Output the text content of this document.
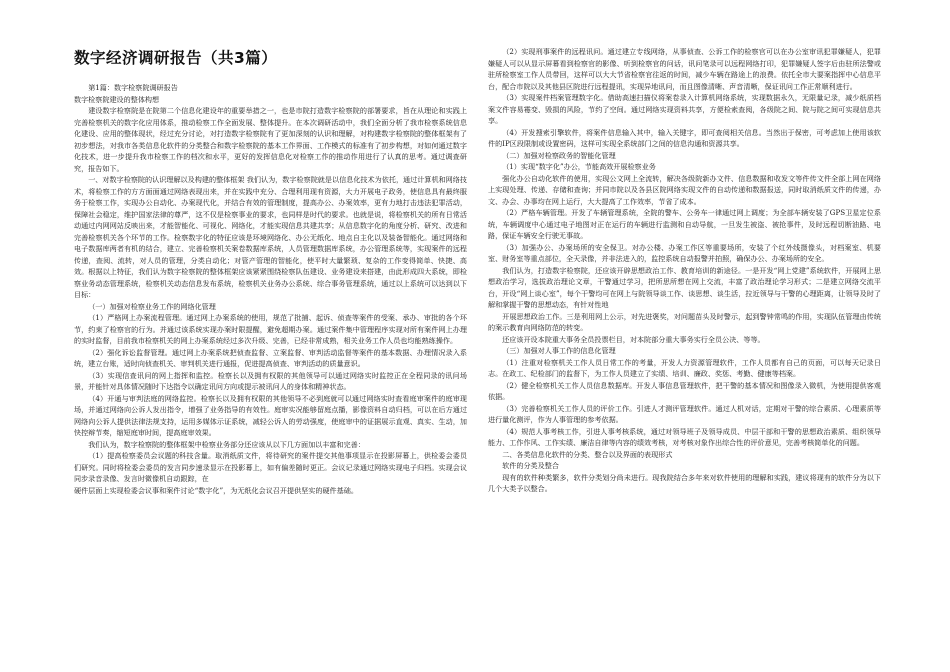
数字经济调研报告（共3篇）

第1篇：数字检察院调研报告

数字检察院建设的整体构想

建设数字检察院是在院第二个信息化建设年的重要举措之一，也是市院打造数字检察院的部署要求，旨在从理论和实践上完善检察机关的数字化应用体系，推动检察工作全面发展、整体提升。在本次调研活动中，我们全面分析了我市检察系统信息化建设、应用的整体现状，经过充分讨论，对打造数字检察院有了更加深刻的认识和理解，对构建数字检察院的整体框架有了初步想法，对我市各类信息化软件的分类整合和数字检察院的基本工作界面、工作模式的标准有了初步构想，对如何通过数字化技术，进一步提升我市检察工作的档次和水平，更好的发挥信息化对检察工作的推动作用进行了认真的思考。通过调查研究，报告如下。

一、对数字检察院的认识理解以及构建的整体框架 我们认为，数字检察院就是以信息化技术为依托，通过计算机和网络技术，将检察工作的方方面面通过网络表现出来，并在实践中充分、合理利用现有资源，大力开展电子政务，使信息具有最终服务于检察工作，实现办公自动化、办案现代化，并结合有效的管理制度，提高办公、办案效率，更有力地打击违法犯罪活动，保障社会稳定，维护国家法律的尊严，这不仅是检察事业的要求，也同样是时代的要求。也就是说，将检察机关的所有日常活动通过内网网站反映出来，才能智能化、可视化、网络化，才能实现信息共建共享；从信息数字化的角度分析、研究、改进和完善检察机关各个环节的工作。检察数字化的特征应该是环境网络化、办公无纸化、地点自主化以及装备智能化。通过网络和电子数据库两者有机的结合，建立、完善检察机关案卷数据库系统，人员管理数据库系统，办公管理系统等，实现案件的远程传递，查阅、流转，对人员的管理，分类自动化；对管产管理的智能化，使平时大量繁琐、复杂的工作变得简单、快捷、高效。根据以上特征，我们认为数字检察院的整体框架应该紧紧围绕检察队伍建设、业务建设来搭建，由此形成四大系统，即检察业务动态管理系统，检察机关动态信息发布系统，检察机关业务办公系统、综合事务管理系统，通过以上系统可以达到以下目标：

（一）加强对检察业务工作的网络化管理

（1）严格网上办案流程管理。通过网上办案系统的使用，规范了批捕、起诉、侦查等案件的受案、承办、审批的各个环节，约束了检察官的行为。并通过该系统实现办案时限提醒，避免超期办案。通过案件集中管理程序实现对所有案件网上办理的实时监督，目前我市检察机关的网上办案系统经过多次升级、完善，已经非常成熟，相关业务工作人员也均能熟练操作。

（2）强化诉讼监督管理。通过网上办案系统把侦查监督、立案监督、审判活动监督等案件的基本数据、办理情况录入系统，建立台账，适时向侦查机关、审判机关进行通报，促进提高侦查、审判活动的质量意识。

（3）实现信查讯问的网上指挥和监控。检察长以及拥有权限的其他领导可以通过网络实时监控正在全程同录的讯问场景，并能针对具体情况随时下达指令以确定讯问方向或提示被讯问人的身体和精神状态。

（4）开通与审判法庭的网络监控。检察长以及拥有权限的其他领导不必到庭就可以通过网络实时查看庭审案件的庭审现场，并通过网络向公诉人发出指令，增强了业务指导的有效性。庭审实况能够留庭点播，影像资料自动归档，可以在后方通过网络向公诉人提供法律法规支持，运用多媒体示证系统，减轻公诉人的劳动强度，使庭审中的证据展示直观、真实、生动，加快控辩节奏，缩短庭审时间，提高庭审效果。

我们认为，数字检察院的整体框架中检察业务部分还应该从以下几方面加以丰富和完善：

（1）提高检察委员会议题的科技含量。取消纸质文件，将待研究的案件提交其他事项显示在投影屏幕上，供检委会委员们研究。同时将检委会委员的发言同步速录显示在投影幕上，如有偏差随时更正。会议记录通过网络实现电子归档。实现会议同步录音录像、发言时微像机自动跟踪，在

硬件层面上实现检委会议事和案件讨论“数字化”，为无纸化会议召开提供坚实的硬件基础。

（2）实现刑事案件的远程讯问。通过建立专线网络，从事侦查、公诉工作的检察官可以在办公室审讯犯罪嫌疑人，犯罪嫌疑人可以从显示屏幕看到检察官的影像、听到检察官的问话，讯问笔录可以远程网络打印，犯罪嫌疑人签字后由驻所法警或驻所检察室工作人员带回，这样可以大大节省检察官往返的时间，减少车辆在路途上的浪费。依托全市大要案指挥中心信息平台，配合市院以及其他县区院进行远程提讯，实现异地讯问，而且图像清晰、声音清晰，保证讯问工作正常顺利进行。

（3）实现案件档案管理数字化。借助高速扫描仪将案卷录入计算机网络系统，实现数据永久，无限量记录，减少纸质档案文件容易霉变、毁损的风险，节约了空间。通过网络实现资料共享，方便检索查阅，各级院之间、院与院之间可实现信息共享。

（4）开发搜索引擎软件，将案件信息输入其中，输入关键字，即可查阅相关信息。当然出于保密，可考虑加上使用该软件的IP区段限制或设置密码，这样可实现全系统部门之间的信息沟通和资源共享。

（二）加强对检察政务的智能化管理

（1）实现“数字化”办公，节能高效开展检察业务

强化办公自动化软件的使用，实现公文网上全流转，解决各级院新办文件、信息数据和收发文等件传文件全部上网在网络上实现处理、传递、存储和查询；并同市院以及各县区院网络实现文件的自动传递和数据报送，同时取消纸质文件的传递，办文、办会、办事均在网上运行，大大提高了工作效率，节省了成本。

（2）严格车辆管理。开发了车辆管理系统，全院的警车、公务车一律通过网上调度；为全部车辆安装了GPS卫星定位系统，车辆调度中心通过电子地图对正在运行的车辆进行监测和自动导航，一旦发生被盗、被抢事件，及时远程切断油路、电路，保证车辆安全行驶无事故。

（3）加强办公、办案场所的安全保卫。对办公楼、办案工作区等重要场所，安装了个红外线摄像头，对档案室、机要室、财务室等重点部位，全天录像，并非法进入的，监控系统自动报警并拍照，确保办公、办案场所的安全。

我们认为，打造数字检察院，还应该开辟思想政治工作、教育培训的新途径。一是开发“网上党建”系统软件，开展网上思想政治学习，选拔政治理论文章，干警通过学习，把所思所想在网上交流，丰富了政治理论学习形式；二是建立网络交流平台，开设“网上谈心室”，每个干警均可在网上与院领导谈工作、谈思想、谈生活，拉近领导与干警的心理距离，让领导及时了解和掌握干警的思想动态，有针对性地

开展思想政治工作。三是利用网上公示，对先进褒奖，对问题苗头及时警示，起到警钟常鸣的作用，实现队伍管理由传统的案示教育向网络防范的转变。

还应该开设本院重大事务全员投票栏目，对本院部分重大事务实行全员公决、等等。

（三）加强对人事工作的信息化管理

（1）注重对检察机关工作人员日常工作的考量，开发人力资源管理软件，工作人员都有自己的页面，可以每天记录日志。在政工、纪检部门的监督下，为工作人员建立了实绩、培训、廉政、奖惩、考勤、健康等档案。

（2）健全检察机关工作人员信息数据库。开发人事信息管理软件，把干警的基本情况和图像录入微机，为使用提供客观依据。

（3）完善检察机关工作人员的评价工作。引进人才测评管理软件。通过人机对话，定期对干警的综合素质、心理素质等进行量化测评，作为人事管理的参考依据。

（4）规范人事考核工作，引进人事考核系统，通过对领导班子及领导成员、中层干部和干警的思想政治素质、组织领导能力、工作作风、工作实绩、廉洁自律等内容的绩效考核，对考核对象作出综合性的评价意见，完善考核简单化的问题。

二、各类信息化软件的分类、整合以及界面的表现形式

软件的分类及整合

现有的软件种类繁多，软件分类划分尚未进行。现我院结合多年来对软件使用的理解和实践，建议将现有的软件分为以下几个大类予以整合。
